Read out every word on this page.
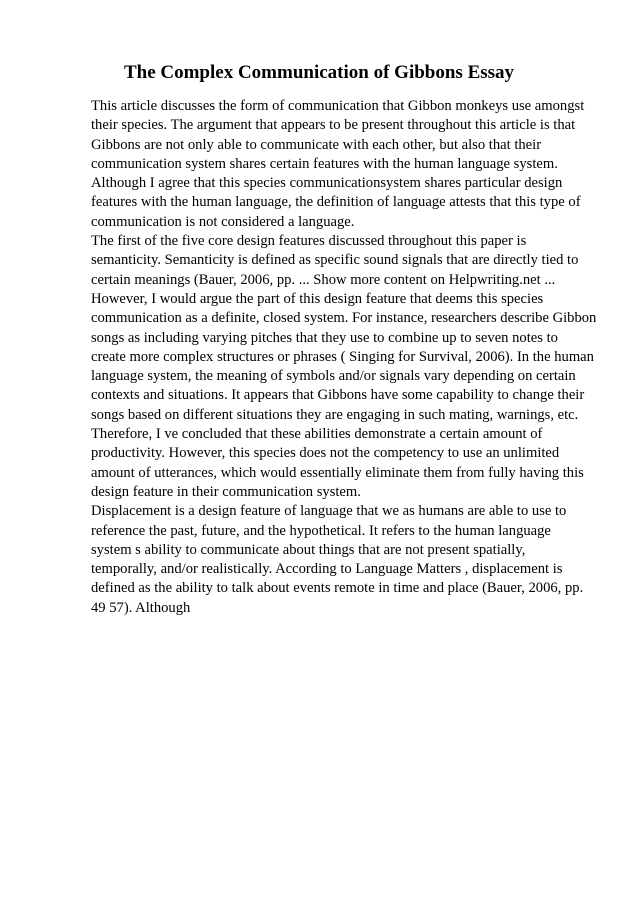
The Complex Communication of Gibbons Essay
This article discusses the form of communication that Gibbon monkeys use amongst
their species. The argument that appears to be present throughout this article is that
Gibbons are not only able to communicate with each other, but also that their
communication system shares certain features with the human language system.
Although I agree that this species communicationsystem shares particular design
features with the human language, the definition of language attests that this type of
communication is not considered a language.
The first of the five core design features discussed throughout this paper is
semanticity. Semanticity is defined as specific sound signals that are directly tied to
certain meanings (Bauer, 2006, pp. ... Show more content on Helpwriting.net ...
However, I would argue the part of this design feature that deems this species
communication as a definite, closed system. For instance, researchers describe Gibbon
songs as including varying pitches that they use to combine up to seven notes to
create more complex structures or phrases ( Singing for Survival, 2006). In the human
language system, the meaning of symbols and/or signals vary depending on certain
contexts and situations. It appears that Gibbons have some capability to change their
songs based on different situations they are engaging in such mating, warnings, etc.
Therefore, I ve concluded that these abilities demonstrate a certain amount of
productivity. However, this species does not the competency to use an unlimited
amount of utterances, which would essentially eliminate them from fully having this
design feature in their communication system.
Displacement is a design feature of language that we as humans are able to use to
reference the past, future, and the hypothetical. It refers to the human language
system s ability to communicate about things that are not present spatially,
temporally, and/or realistically. According to Language Matters , displacement is
defined as the ability to talk about events remote in time and place (Bauer, 2006, pp.
49 57). Although
